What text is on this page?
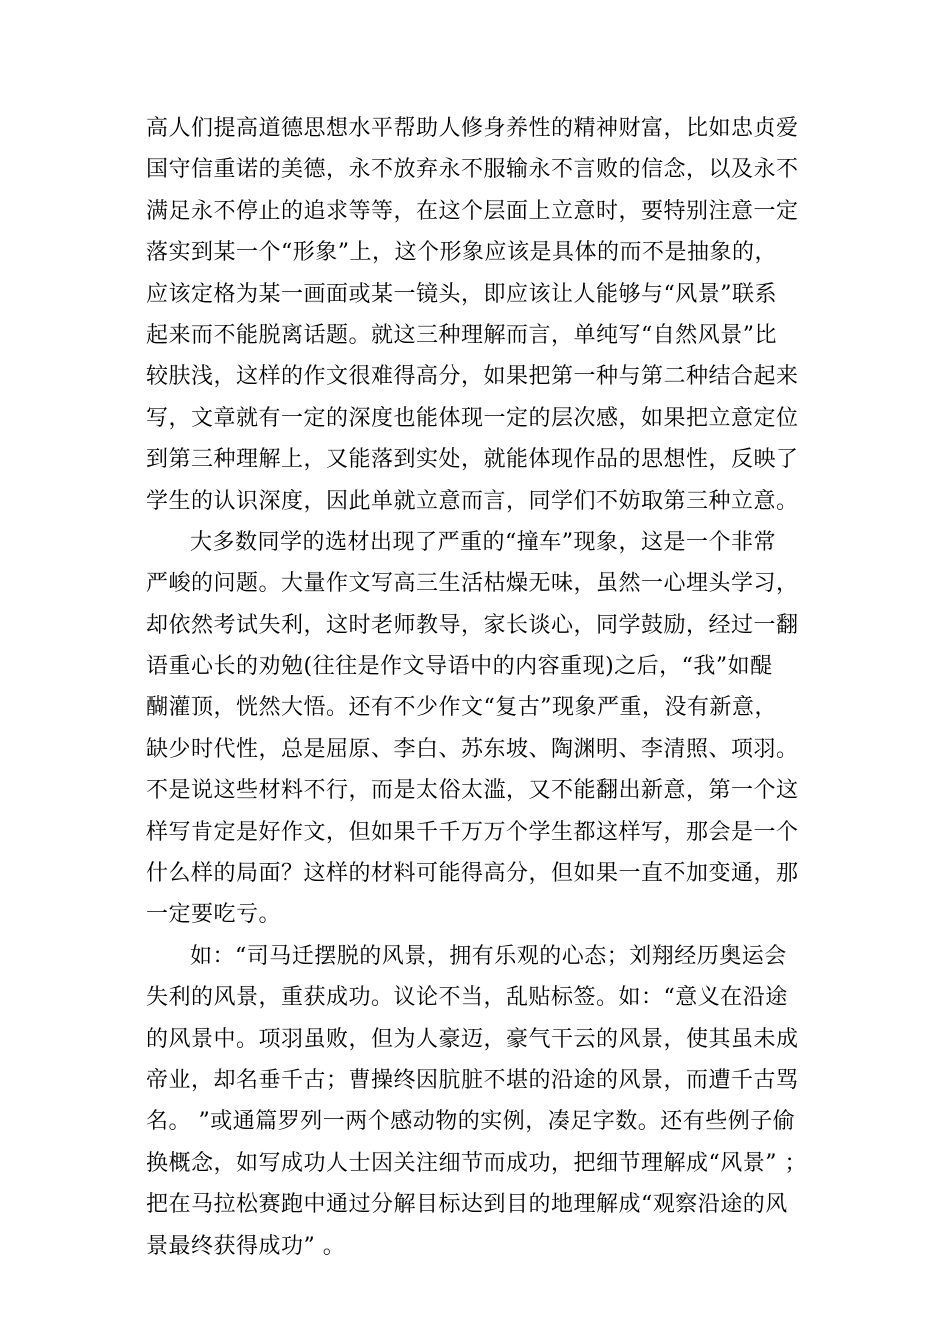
高人们提高道德思想水平帮助人修身养性的精神财富，比如忠贞爱
国守信重诺的美德，永不放弃永不服输永不言败的信念，以及永不
满足永不停止的追求等等，在这个层面上立意时，要特别注意一定
落实到某一个“形象”上，这个形象应该是具体的而不是抽象的，
应该定格为某一画面或某一镜头，即应该让人能够与“风景”联系
起来而不能脱离话题。就这三种理解而言，单纯写“自然风景”比
较肤浅，这样的作文很难得高分，如果把第一种与第二种结合起来
写，文章就有一定的深度也能体现一定的层次感，如果把立意定位
到第三种理解上，又能落到实处，就能体现作品的思想性，反映了
学生的认识深度，因此单就立意而言，同学们不妨取第三种立意。
大多数同学的选材出现了严重的“撞车”现象，这是一个非常
严峻的问题。大量作文写高三生活枯燥无味，虽然一心埋头学习，
却依然考试失利，这时老师教导，家长谈心，同学鼓励，经过一翻
语重心长的劝勉(往往是作文导语中的内容重现)之后，“我”如醍
醐灌顶，恍然大悟。还有不少作文“复古”现象严重，没有新意，
缺少时代性，总是屈原、李白、苏东坡、陶渊明、李清照、项羽。
不是说这些材料不行，而是太俗太滥，又不能翻出新意，第一个这
样写肯定是好作文，但如果千千万万个学生都这样写，那会是一个
什么样的局面？这样的材料可能得高分，但如果一直不加变通，那
一定要吃亏。
如：“司马迁摆脱的风景，拥有乐观的心态；刘翔经历奥运会
失利的风景，重获成功。议论不当，乱贴标签。如：“意义在沿途
的风景中。项羽虽败，但为人豪迈，豪气干云的风景，使其虽未成
帝业，却名垂千古；曹操终因肮脏不堪的沿途的风景，而遭千古骂
名。 ”或通篇罗列一两个感动物的实例，凑足字数。还有些例子偷
换概念，如写成功人士因关注细节而成功，把细节理解成“风景” ；
把在马拉松赛跑中通过分解目标达到目的地理解成“观察沿途的风
景最终获得成功” 。
